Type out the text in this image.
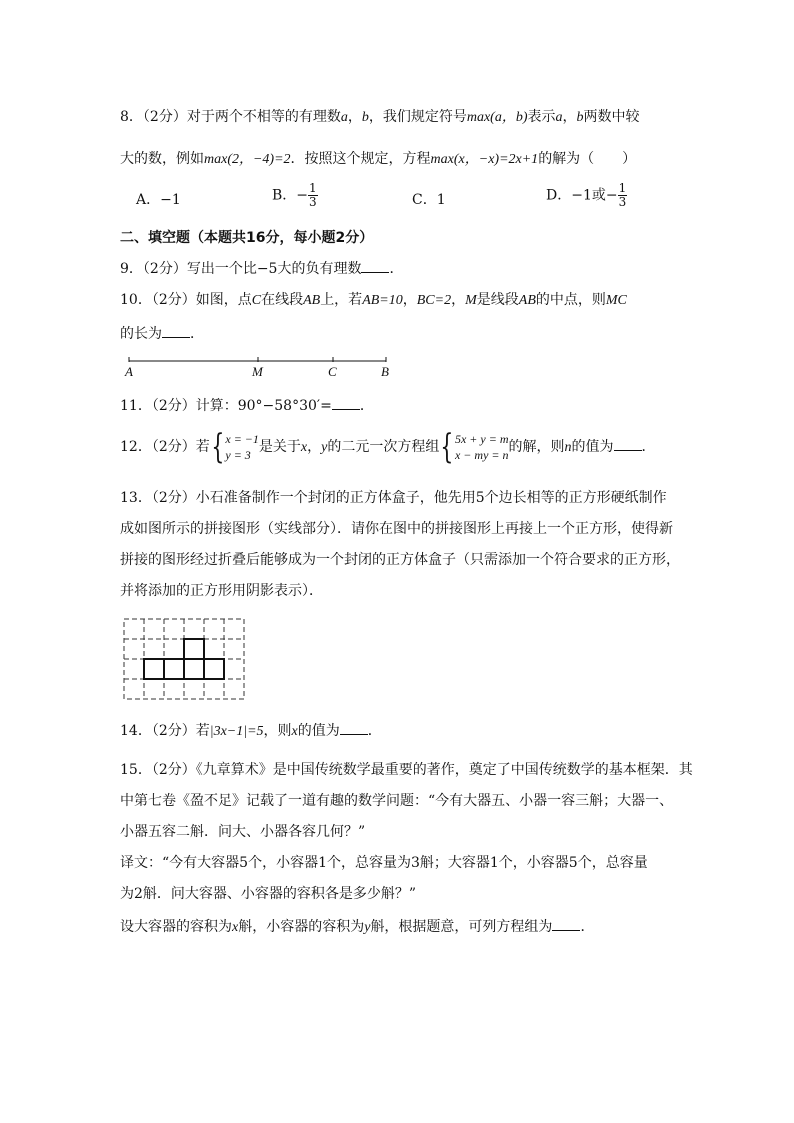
8．（2分）对于两个不相等的有理数a，b，我们规定符号max(a，b)表示a，b两数中较
大的数，例如max(2，−4)=2．按照这个规定，方程max(x，−x)=2x+1的解为（　　）
A．−1	B．− $\frac{1}{3}$	C．1	D．−1或− $\frac{1}{3}$
二、填空题（本题共16分，每小题2分）
9．（2分）写出一个比−5大的负有理数 ．
10．（2分）如图，点C在线段AB上，若AB=10，BC=2，M是线段AB的中点，则MC
的长为 ．
A	M	C	B
11．（2分）计算：90°−58°30′= ．
12．（2分）若{ x = −1
y = 3 是关于x，y的二元一次方程组{ 5x + y = m
x − my = n 的解，则n的值为 ．
13．（2分）小石准备制作一个封闭的正方体盒子，他先用5个边长相等的正方形硬纸制作
成如图所示的拼接图形（实线部分）．请你在图中的拼接图形上再接上一个正方形，使得新
拼接的图形经过折叠后能够成为一个封闭的正方体盒子（只需添加一个符合要求的正方形，
并将添加的正方形用阴影表示）．
14．（2分）若|3x−1|=5，则x的值为 ．
15．（2分）《九章算术》是中国传统数学最重要的著作，奠定了中国传统数学的基本框架．其
中第七卷《盈不足》记载了一道有趣的数学问题：“今有大器五、小器一容三斛；大器一、
小器五容二斛．问大、小器各容几何？”
译文：“今有大容器5个，小容器1个，总容量为3斛；大容器1个，小容器5个，总容量
为2斛．问大容器、小容器的容积各是多少斛？”
设大容器的容积为x斛，小容器的容积为y斛，根据题意，可列方程组为 ．
